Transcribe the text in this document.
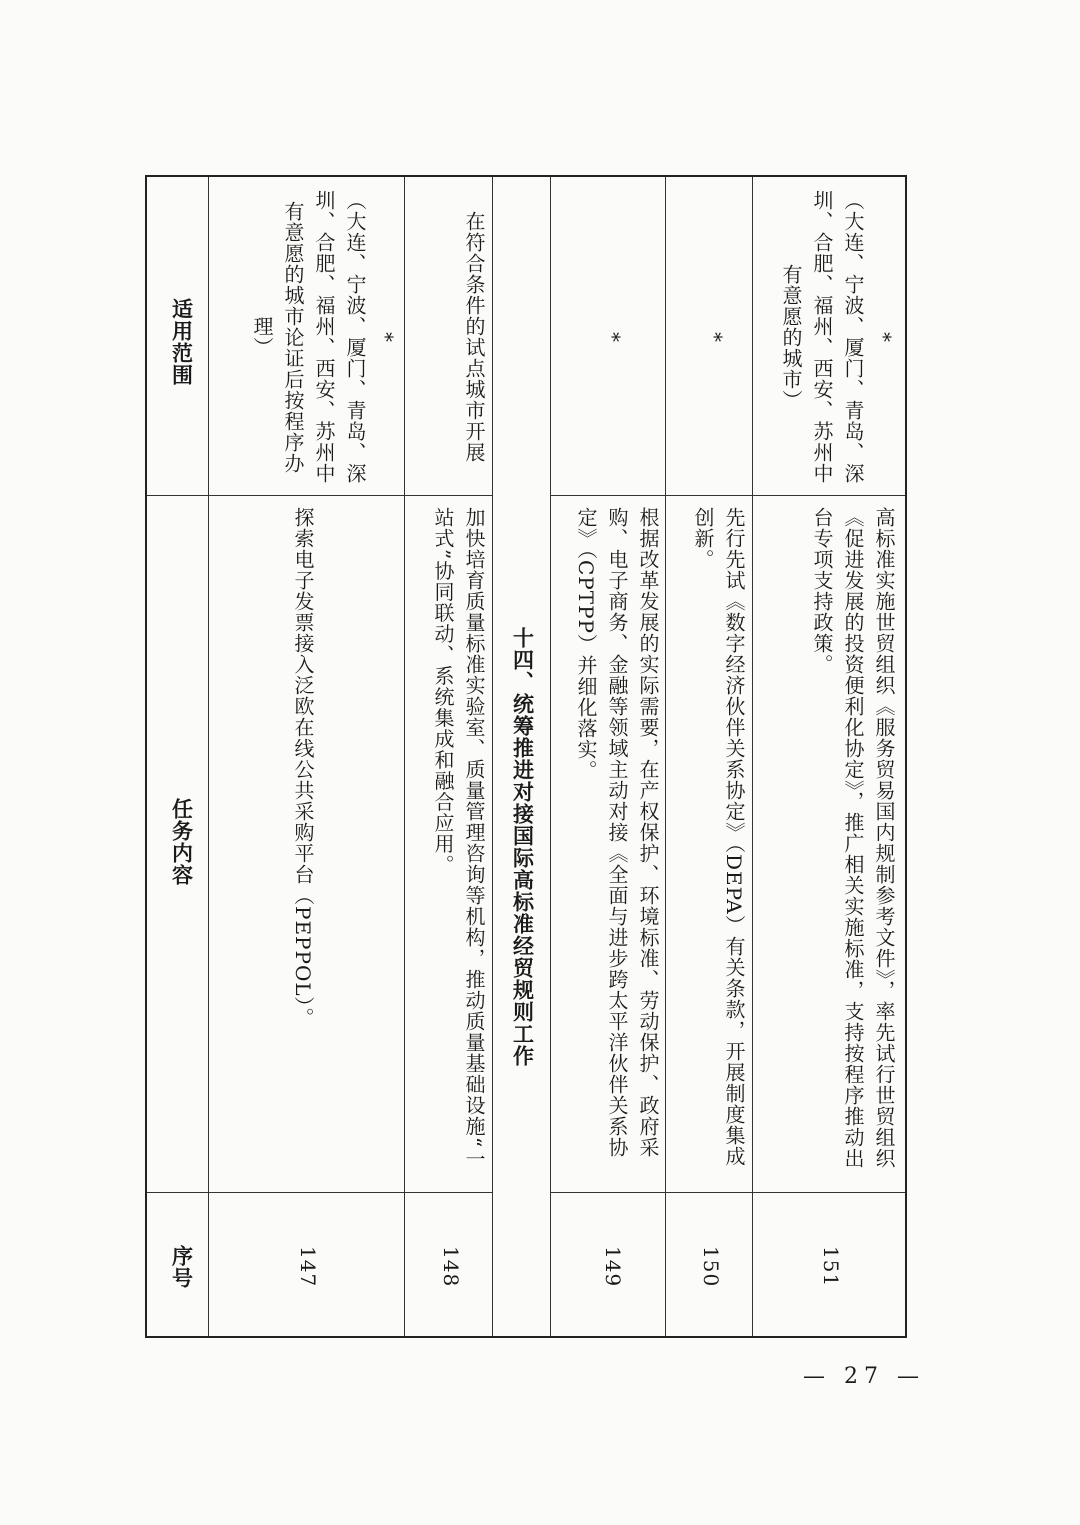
适用范围
任务内容
序号
*
（大连、宁波、厦门、青岛、深圳、合肥、福州、西安、苏州中有意愿的城市论证后按程序办理）
探索电子发票接入泛欧在线公共采购平台（PEPPOL）。
147
在符合条件的试点城市开展
加快培育质量标准实验室、质量管理咨询等机构，推动质量基础设施“一站式”协同联动、系统集成和融合应用。
148
十四、统筹推进对接国际高标准经贸规则工作
*
根据改革发展的实际需要，在产权保护、环境标准、劳动保护、政府采购、电子商务、金融等领域主动对接《全面与进步跨太平洋伙伴关系协定》（CPTPP）并细化落实。
149
*
先行先试《数字经济伙伴关系协定》（DEPA）有关条款，开展制度集成创新。
150
*
（大连、宁波、厦门、青岛、深圳、合肥、福州、西安、苏州中有意愿的城市）
高标准实施世贸组织《服务贸易国内规制参考文件》，率先试行世贸组织《促进发展的投资便利化协定》，推广相关实施标准，支持按程序推动出台专项支持政策。
151
— 27 —
